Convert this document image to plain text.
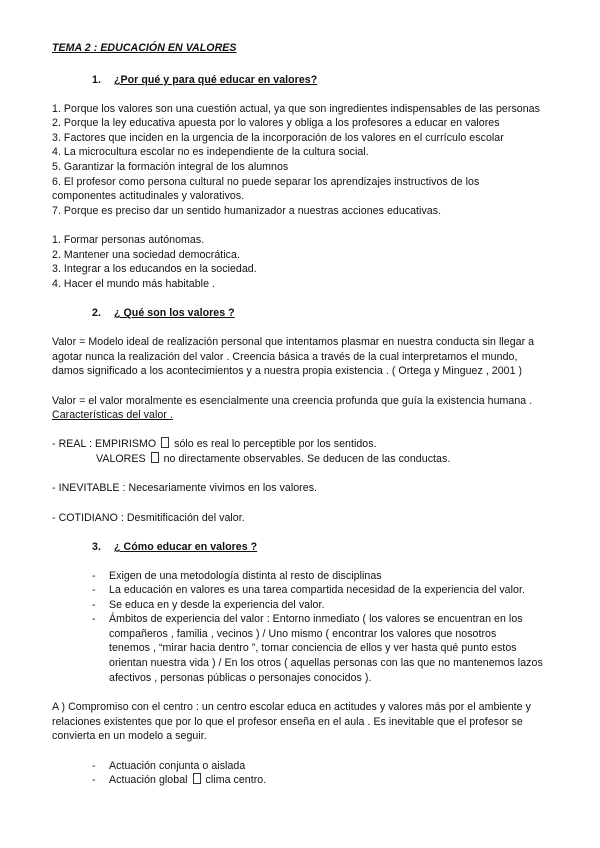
TEMA 2 : EDUCACIÓN EN VALORES
1. ¿Por qué y para qué educar en valores?
1. Porque los valores son una cuestión actual, ya que son ingredientes indispensables de las personas
2. Porque la ley educativa apuesta por lo valores y obliga a los profesores a educar en valores
3. Factores que inciden en la urgencia de la incorporación de los valores en el currículo escolar
4. La microcultura escolar no es independiente de la cultura social.
5. Garantizar la formación integral de los alumnos
6. El profesor como persona cultural no puede separar los aprendizajes instructivos de los
componentes actitudinales y valorativos.
7. Porque es preciso dar un sentido humanizador a nuestras acciones educativas.
1. Formar personas autónomas.
2. Mantener una sociedad democrática.
3. Integrar a los educandos en la sociedad.
4. Hacer el mundo más habitable .
2. ¿ Qué son los valores ?
Valor = Modelo ideal de realización personal que intentamos plasmar en nuestra conducta sin llegar a
agotar nunca la realización del valor . Creencia básica a través de la cual interpretamos el mundo,
damos significado a los acontecimientos y a nuestra propia existencia . ( Ortega y Minguez , 2001 )
Valor = el valor moralmente es esencialmente una creencia profunda que guía la existencia humana .
Características del valor .
- REAL : EMPIRISMO sólo es real lo perceptible por los sentidos.
VALORES no directamente observables. Se deducen de las conductas.
- INEVITABLE : Necesariamente vivimos en los valores.
- COTIDIANO : Desmitificación del valor.
3. ¿ Cómo educar en valores ?
- Exigen de una metodología distinta al resto de disciplinas
- La educación en valores es una tarea compartida necesidad de la experiencia del valor.
- Se educa en y desde la experiencia del valor.
- Ámbitos de experiencia del valor : Entorno inmediato ( los valores se encuentran en los
compañeros , familia , vecinos ) / Uno mismo ( encontrar los valores que nosotros
tenemos , “mirar hacia dentro ”, tomar conciencia de ellos y ver hasta qué punto estos
orientan nuestra vida ) / En los otros ( aquellas personas con las que no mantenemos lazos
afectivos , personas públicas o personajes conocidos ).
A ) Compromiso con el centro : un centro escolar educa en actitudes y valores más por el ambiente y
relaciones existentes que por lo que el profesor enseña en el aula . Es inevitable que el profesor se
convierta en un modelo a seguir.
- Actuación conjunta o aislada
- Actuación global clima centro.
